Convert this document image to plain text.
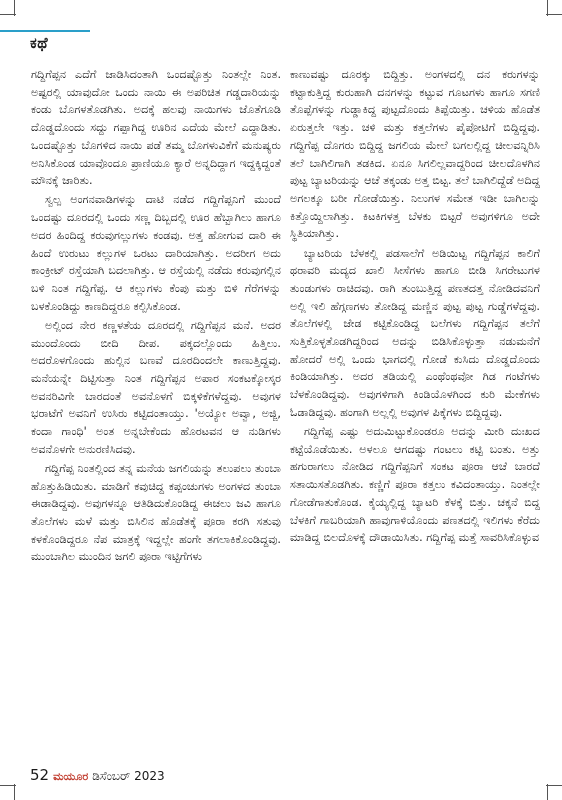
ಕಥೆ

ಗದ್ದಿಗೆಪ್ಪನ ಎದೆಗೆ ಜಾಡಿಸಿದಂತಾಗಿ ಒಂದಷ್ಟೊತ್ತು ನಿಂತಲ್ಲೇ ನಿಂತ. ಅಷ್ಟರಲ್ಲಿ ಯಾವುದೋ ಒಂದು ನಾಯಿ ಈ ಅಪರಿಚಿತ ಗಡ್ಡದಾರಿಯನ್ನು ಕಂಡು ಬೊಗಳತೊಡಗಿತು. ಅದಕ್ಕೆ ಹಲವು ನಾಯಿಗಳು ಜೊತೆಗೂಡಿ ದೊಡ್ಡದೊಂದು ಸದ್ದು ಗಪ್ಪಾಗಿದ್ದ ಊರಿನ ಎದೆಯ ಮೇಲೆ ಎದ್ದಾಡಿತು. ಒಂದಷ್ಟೊತ್ತು ಬೊಗಳಿದ ನಾಯಿ ಪಡೆ ತಮ್ಮ ಬೊಗಳುವಿಕೆಗೆ ಮನುಷ್ಯರು ಅನಿಸಿಕೊಂಡ ಯಾವೊಂದೂ ಪ್ರಾಣಿಯೂ ಕ್ಯಾರೆ ಅನ್ನದಿದ್ದಾಗ ಇದ್ದಕ್ಕಿದ್ದಂತೆ ಮೌನಕ್ಕೆ ಜಾರಿತು.

ಸ್ವಲ್ಪ ಅಂಗನವಾಡಿಗಳನ್ನು ದಾಟಿ ನಡೆದ ಗದ್ದಿಗೆಪ್ಪನಿಗೆ ಮುಂದೆ ಒಂದಷ್ಟು ದೂರದಲ್ಲಿ ಒಂದು ಸಣ್ಣ ದಿಬ್ಬದಲ್ಲಿ ಊರ ಹೆಬ್ಬಾಗಿಲು ಹಾಗೂ ಅದರ ಹಿಂದಿದ್ದ ಕರುವುಗಲ್ಲುಗಳು ಕಂಡವು. ಅತ್ತ ಹೋಗುವ ದಾರಿ ಈ ಹಿಂದೆ ಉರುಟು ಕಲ್ಲುಗಳ ಒರಟು ದಾರಿಯಾಗಿತ್ತು. ಅದರೀಗ ಅದು ಕಾಂಕ್ರೀಟ್ ರಸ್ತೆಯಾಗಿ ಬದಲಾಗಿತ್ತು. ಆ ರಸ್ತೆಯಲ್ಲಿ ನಡೆದು ಕರುವುಗಲ್ಲಿನ ಬಳಿ ನಿಂತ ಗದ್ದಿಗೆಪ್ಪ. ಆ ಕಲ್ಲುಗಳು ಕೆಂಪು ಮತ್ತು ಬಿಳಿ ಗೆರೆಗಳನ್ನು ಬಳಕೊಂಡಿದ್ದು ಕಾಣದಿದ್ದರೂ ಕಲ್ಪಿಸಿಕೊಂಡ.

ಅಲ್ಲಿಂದ ನೇರ ಕಣ್ಣಳತೆಯ ದೂರದಲ್ಲಿ ಗದ್ದಿಗೆಪ್ಪನ ಮನೆ. ಅದರ ಮುಂದೊಂದು ಬೀದಿ ದೀಪ. ಪಕ್ಕದಲ್ಲೊಂದು ಹಿತ್ತಿಲು. ಅದರೊಳಗೊಂದು ಹುಲ್ಲಿನ ಬಣವೆ ದೂರದಿಂದಲೇ ಕಾಣುತ್ತಿದ್ದವು. ಮನೆಯನ್ನೇ ದಿಟ್ಟಿಸುತ್ತಾ ನಿಂತ ಗದ್ದಿಗೆಪ್ಪನ ಅಪಾರ ಸಂಕಟಕ್ಕೋಸ್ಕರ ಅವನರಿವಿಗೇ ಬಾರದಂತೆ ಅವನೊಳಗೆ ಬಿಕ್ಕಳಿಕೆಗಳೆದ್ದವು. ಅವುಗಳ ಭರಾಟೆಗೆ ಅವನಿಗೆ ಉಸಿರು ಕಟ್ಟಿದಂತಾಯ್ತು. 'ಅಯ್ಯೋ ಅವ್ವಾ, ಅಜ್ಜಿ, ಕಂದಾ ಗಾಂಧಿ' ಅಂತ ಅನ್ನಬೇಕೆಂದು ಹೊರಟವನ ಆ ನುಡಿಗಳು ಅವನೊಳಗೇ ಅನುರಣಿಸಿದವು.

ಗದ್ದಿಗೆಪ್ಪ ನಿಂತಲ್ಲಿಂದ ತನ್ನ ಮನೆಯ ಜಗಲಿಯನ್ನು ತಲುಪಲು ತುಂಬಾ ಹೊತ್ತುಹಿಡಿಯಿತು. ಮಾಡಿಗೆ ಕವುಚಿದ್ದ ಕಪ್ಪಂಚುಗಳು ಅಂಗಳದ ತುಂಬಾ ಈಡಾಡಿದ್ದವು. ಅವುಗಳನ್ನೂ ಆತಿಡಿದುಕೊಂಡಿದ್ದ ಈಚಲು ಜವಿ ಹಾಗೂ ತೊಲೆಗಳು ಮಳೆ ಮತ್ತು ಬಿಸಿಲಿನ ಹೊಡೆತಕ್ಕೆ ಪೂರಾ ಕರಗಿ ಸತುವು ಕಳಕೊಂಡಿದ್ದರೂ ನೆಪ ಮಾತ್ರಕ್ಕೆ ಇದ್ದಲ್ಲೇ ಹಂಗೇ ತಗಲಾಕಿಕೊಂಡಿದ್ದವು. ಮುಂಬಾಗಿಲ ಮುಂದಿನ ಜಗಲಿ ಪೂರಾ ಇಟ್ಟಿಗೆಗಳು

ಕಾಣುವಷ್ಟು ದೂರಕ್ಕು ಬಿದ್ದಿತ್ತು. ಅಂಗಳದಲ್ಲಿ ದನ ಕರುಗಳನ್ನು ಕಟ್ಟಾಕುತ್ತಿದ್ದ ಕುರುಹಾಗಿ ದನಗಳನ್ನು ಕಟ್ಟುವ ಗೂಟಗಳು ಹಾಗೂ ಸಗಣಿ ತೊಪ್ಪೆಗಳನ್ನು ಗುಡ್ಡಾಕಿದ್ದ ಪುಟ್ಟದೊಂದು ತಿಪ್ಪೆಯಿತ್ತು. ಚಳಿಯ ಹೊಡೆತ ಏರುತ್ತಲೇ ಇತ್ತು. ಚಳಿ ಮತ್ತು ಕತ್ತಲೆಗಳು ಪೈಪೋಟಿಗೆ ಬಿದ್ದಿದ್ದವು. ಗದ್ದಿಗೆಪ್ಪ ದೊಗರು ಬಿದ್ದಿದ್ದ ಜಗಲಿಯ ಮೇಲೆ ಬಗಲಲ್ಲಿದ್ದ ಚೀಲವನ್ನಿರಿಸಿ ತಲೆ ಬಾಗಿಲಿಗಾಗಿ ತಡಕಿದ. ಏನೂ ಸಿಗಲಿಲ್ಲವಾದ್ದರಿಂದ ಚೀಲದೊಳಗಿನ ಪುಟ್ಟ ಬ್ಯಾಟರಿಯನ್ನು ಆಚೆ ತಕ್ಕಂಡು ಅತ್ತ ಬಿಟ್ಟ. ತಲೆ ಬಾಗಿಲಿದ್ದೆಡೆ ಅದಿದ್ದ ಅಗಲಕ್ಕೂ ಬರೀ ಗೋಡೆಯಿತ್ತು. ನಿಲುಗಳ ಸಮೇತ ಇಡೀ ಬಾಗಿಲನ್ನು ಕಿತ್ತೊಯ್ದಿಲಾಗಿತ್ತು. ಕಿಟಕಿಗಳತ್ತ ಬೆಳಕು ಬಿಟ್ಟರೆ ಅವುಗಳಿಗೂ ಅದೇ ಸ್ಥಿತಿಯಾಗಿತ್ತು.

ಬ್ಯಾಟರಿಯ ಬೆಳಕಲ್ಲಿ ಪಡಸಾಲೆಗೆ ಅಡಿಯಿಟ್ಟ ಗದ್ದಿಗೆಪ್ಪನ ಕಾಲಿಗೆ ಥರಾವರಿ ಮದ್ಯದ ಖಾಲಿ ಸೀಸೆಗಳು ಹಾಗೂ ಬೀಡಿ ಸಿಗರೇಟುಗಳ ತುಂಡುಗಳು ರಾಚಿದವು. ರಾಗಿ ತುಂಬುತ್ತಿದ್ದ ಪಣತದತ್ತ ನೋಡಿದವನಿಗೆ ಅಲ್ಲಿ ಇಲಿ ಹೆಗ್ಗಣಗಳು ತೋಡಿದ್ದ ಮಣ್ಣಿನ ಪುಟ್ಟ ಪುಟ್ಟ ಗುಡ್ಡೆಗಳೆದ್ದವು. ತೊಲೆಗಳಲ್ಲಿ ಜೇಡ ಕಟ್ಟಿಕೊಂಡಿದ್ದ ಬಲೆಗಳು ಗದ್ದಿಗೆಪ್ಪನ ತಲೆಗೆ ಸುತ್ತಿಕೊಳ್ಳತೊಡಗಿದ್ದರಿಂದ ಅದನ್ನು ಬಿಡಿಸಿಕೊಳ್ಳುತ್ತಾ ನಡುಮನೆಗೆ ಹೋದರೆ ಅಲ್ಲಿ ಒಂದು ಭಾಗದಲ್ಲಿ ಗೋಡೆ ಕುಸಿದು ದೊಡ್ಡದೊಂದು ಕಿಂಡಿಯಾಗಿತ್ತು. ಅದರ ತಡಿಯಲ್ಲಿ ಎಂಥೆಂಥವೋ ಗಿಡ ಗಂಟೆಗಳು ಬೆಳಕೊಂಡಿದ್ದವು. ಅವುಗಳಿಗಾಗಿ ಕಿಂಡಿಯೊಳಗಿಂದ ಕುರಿ ಮೇಕೆಗಳು ಓಡಾಡಿದ್ದವು. ಹಂಗಾಗಿ ಅಲ್ಲಲ್ಲಿ ಅವುಗಳ ಪಿಕ್ಕೆಗಳು ಬಿದ್ದಿದ್ದವು.

ಗದ್ದಿಗೆಪ್ಪ ಎಷ್ಟು ಅದುಮಿಟ್ಟುಕೊಂಡರೂ ಅದನ್ನು ಮೀರಿ ದುಃಖದ ಕಟ್ಟೆಯೊಡೆಯಿತು. ಅಳಲೂ ಆಗದಷ್ಟು ಗಂಟಲು ಕಟ್ಟಿ ಬಂತು. ಅತ್ತು ಹಗುರಾಗಲು ನೋಡಿದ ಗದ್ದಿಗೆಪ್ಪನಿಗೆ ಸಂಕಟ ಪೂರಾ ಆಚೆ ಬಾರದೆ ಸತಾಯಿಸತೊಡಗಿತು. ಕಣ್ಣಿಗೆ ಪೂರಾ ಕತ್ತಲು ಕವಿದಂತಾಯ್ತು. ನಿಂತಲ್ಲೇ ಗೋಡೆಗಾತುಕೊಂಡ. ಕೈಯ್ಯಲ್ಲಿದ್ದ ಬ್ಯಾಟರಿ ಕೆಳಕ್ಕೆ ಬಿತ್ತು. ಚಕ್ಕನೆ ಬಿದ್ದ ಬೆಳಕಿಗೆ ಗಾಬರಿಯಾಗಿ ಹಾವುಗಾಳಿಯೊಂದು ಪಣತದಲ್ಲಿ ಇಲಿಗಳು ಕೆರೆದು ಮಾಡಿದ್ದ ಬಿಲದೊಳಕ್ಕೆ ದೌಡಾಯಿಸಿತು. ಗದ್ದಿಗೆಪ್ಪ ಮತ್ತೆ ಸಾವರಿಸಿಕೊಳ್ಳುವ

52 ಮಯೂರ ಡಿಸೆಂಬರ್ 2023
